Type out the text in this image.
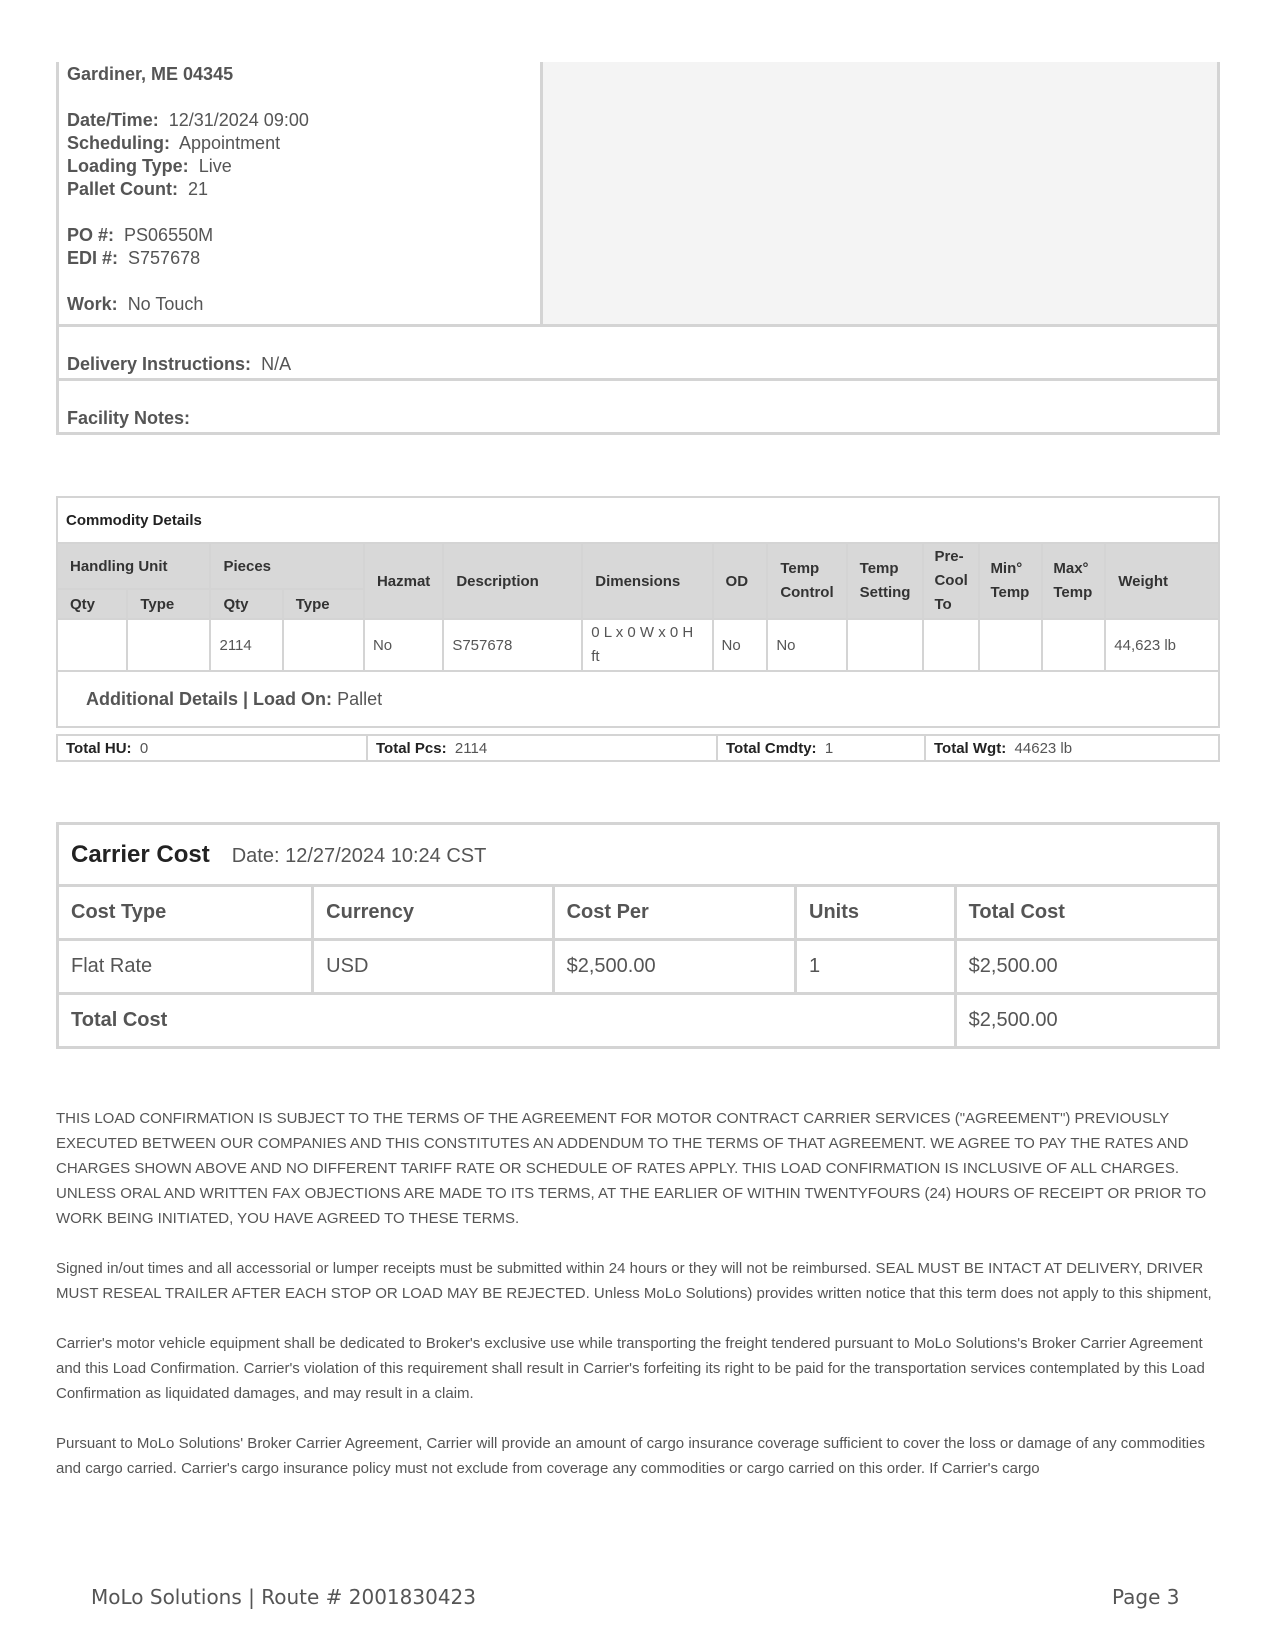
Gardiner, ME 04345
Date/Time: 12/31/2024 09:00
Scheduling: Appointment
Loading Type: Live
Pallet Count: 21
PO #: PS06550M
EDI #: S757678
Work: No Touch
Delivery Instructions: N/A
Facility Notes:
Commodity Details													
Handling Unit		Pieces		Hazmat	Description	Dimensions	OD	Temp Control	Temp Setting	Pre-Cool To	Min° Temp	Max° Temp	Weight
Qty	Type	Qty	Type										
		2114		No	S757678	0 L x 0 W x 0 H ft	No	No					44,623 lb
Additional Details | Load On: Pallet													
Total HU: 0	Total Pcs: 2114	Total Cmdty: 1	Total Wgt: 44623 lb
Carrier Cost Date: 12/27/2024 10:24 CST				
Cost Type	Currency	Cost Per	Units	Total Cost
Flat Rate	USD	$2,500.00	1	$2,500.00
Total Cost				$2,500.00

THIS LOAD CONFIRMATION IS SUBJECT TO THE TERMS OF THE AGREEMENT FOR MOTOR CONTRACT CARRIER SERVICES ("AGREEMENT") PREVIOUSLY EXECUTED BETWEEN OUR COMPANIES AND THIS CONSTITUTES AN ADDENDUM TO THE TERMS OF THAT AGREEMENT. WE AGREE TO PAY THE RATES AND CHARGES SHOWN ABOVE AND NO DIFFERENT TARIFF RATE OR SCHEDULE OF RATES APPLY. THIS LOAD CONFIRMATION IS INCLUSIVE OF ALL CHARGES. UNLESS ORAL AND WRITTEN FAX OBJECTIONS ARE MADE TO ITS TERMS, AT THE EARLIER OF WITHIN TWENTYFOURS (24) HOURS OF RECEIPT OR PRIOR TO WORK BEING INITIATED, YOU HAVE AGREED TO THESE TERMS.

Signed in/out times and all accessorial or lumper receipts must be submitted within 24 hours or they will not be reimbursed. SEAL MUST BE INTACT AT DELIVERY, DRIVER MUST RESEAL TRAILER AFTER EACH STOP OR LOAD MAY BE REJECTED. Unless MoLo Solutions) provides written notice that this term does not apply to this shipment,

Carrier's motor vehicle equipment shall be dedicated to Broker's exclusive use while transporting the freight tendered pursuant to MoLo Solutions's Broker Carrier Agreement and this Load Confirmation. Carrier's violation of this requirement shall result in Carrier's forfeiting its right to be paid for the transportation services contemplated by this Load Confirmation as liquidated damages, and may result in a claim.

Pursuant to MoLo Solutions' Broker Carrier Agreement, Carrier will provide an amount of cargo insurance coverage sufficient to cover the loss or damage of any commodities and cargo carried. Carrier's cargo insurance policy must not exclude from coverage any commodities or cargo carried on this order. If Carrier's cargo

MoLo Solutions | Route # 2001830423	Page 3
